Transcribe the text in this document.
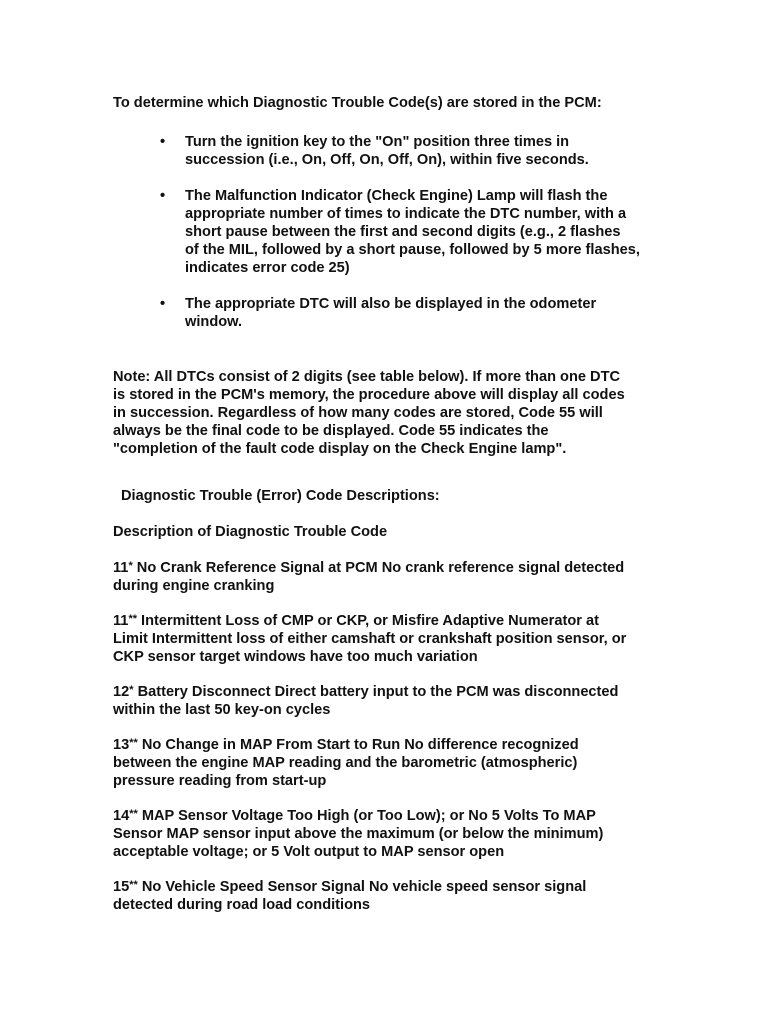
To determine which Diagnostic Trouble Code(s) are stored in the PCM:

• Turn the ignition key to the "On" position three times in
succession (i.e., On, Off, On, Off, On), within five seconds.
• The Malfunction Indicator (Check Engine) Lamp will flash the
appropriate number of times to indicate the DTC number, with a
short pause between the first and second digits (e.g., 2 flashes
of the MIL, followed by a short pause, followed by 5 more flashes,
indicates error code 25)
• The appropriate DTC will also be displayed in the odometer
window.

Note: All DTCs consist of 2 digits (see table below). If more than one DTC
is stored in the PCM's memory, the procedure above will display all codes
in succession. Regardless of how many codes are stored, Code 55 will
always be the final code to be displayed. Code 55 indicates the
"completion of the fault code display on the Check Engine lamp".

Diagnostic Trouble (Error) Code Descriptions:

Description of Diagnostic Trouble Code

11* No Crank Reference Signal at PCM No crank reference signal detected
during engine cranking

11** Intermittent Loss of CMP or CKP, or Misfire Adaptive Numerator at
Limit Intermittent loss of either camshaft or crankshaft position sensor, or
CKP sensor target windows have too much variation

12* Battery Disconnect Direct battery input to the PCM was disconnected
within the last 50 key-on cycles

13** No Change in MAP From Start to Run No difference recognized
between the engine MAP reading and the barometric (atmospheric)
pressure reading from start-up

14** MAP Sensor Voltage Too High (or Too Low); or No 5 Volts To MAP
Sensor MAP sensor input above the maximum (or below the minimum)
acceptable voltage; or 5 Volt output to MAP sensor open

15** No Vehicle Speed Sensor Signal No vehicle speed sensor signal
detected during road load conditions
